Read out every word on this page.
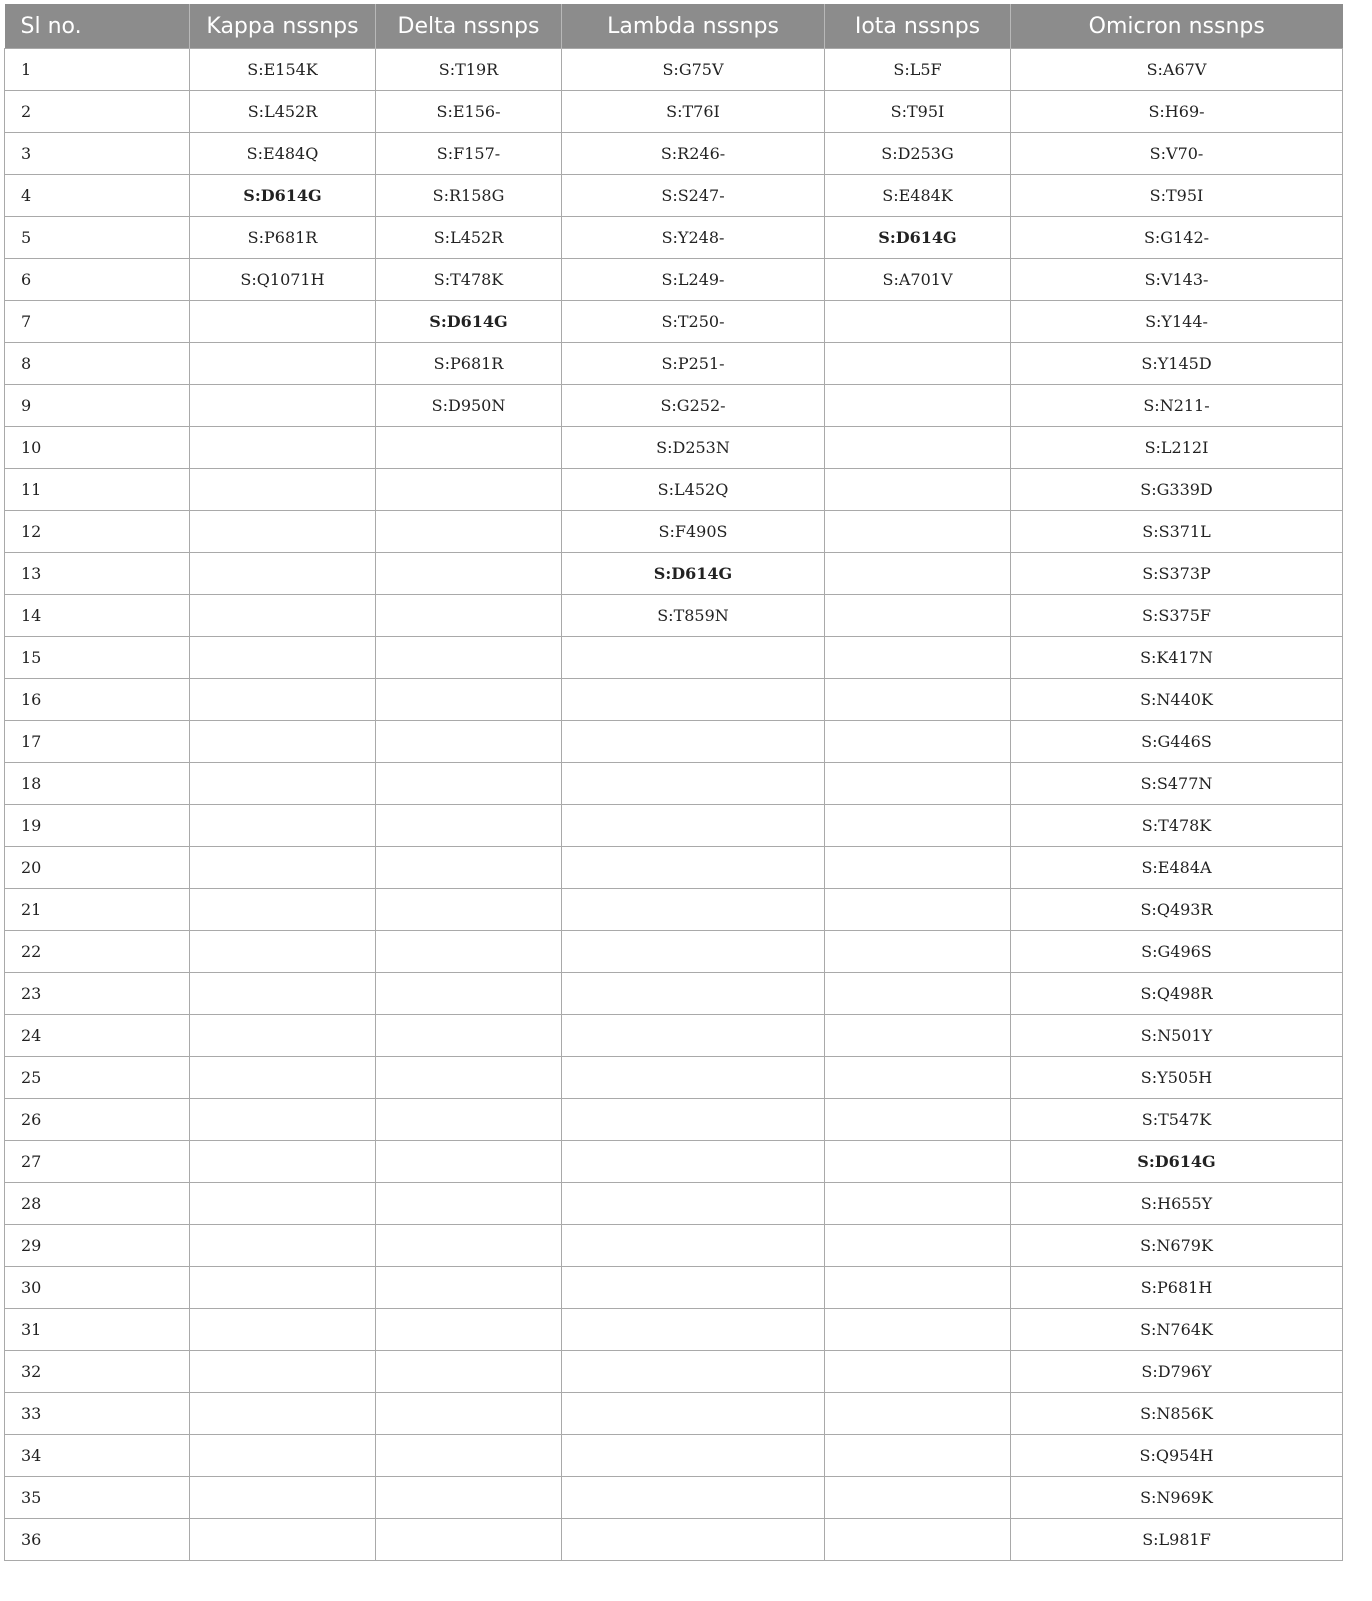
Sl no.	Kappa nssnps	Delta nssnps	Lambda nssnps	Iota nssnps	Omicron nssnps
1	S:E154K	S:T19R	S:G75V	S:L5F	S:A67V
2	S:L452R	S:E156-	S:T76I	S:T95I	S:H69-
3	S:E484Q	S:F157-	S:R246-	S:D253G	S:V70-
4	S:D614G	S:R158G	S:S247-	S:E484K	S:T95I
5	S:P681R	S:L452R	S:Y248-	S:D614G	S:G142-
6	S:Q1071H	S:T478K	S:L249-	S:A701V	S:V143-
7		S:D614G	S:T250-		S:Y144-
8		S:P681R	S:P251-		S:Y145D
9		S:D950N	S:G252-		S:N211-
10			S:D253N		S:L212I
11			S:L452Q		S:G339D
12			S:F490S		S:S371L
13			S:D614G		S:S373P
14			S:T859N		S:S375F
15					S:K417N
16					S:N440K
17					S:G446S
18					S:S477N
19					S:T478K
20					S:E484A
21					S:Q493R
22					S:G496S
23					S:Q498R
24					S:N501Y
25					S:Y505H
26					S:T547K
27					S:D614G
28					S:H655Y
29					S:N679K
30					S:P681H
31					S:N764K
32					S:D796Y
33					S:N856K
34					S:Q954H
35					S:N969K
36					S:L981F
